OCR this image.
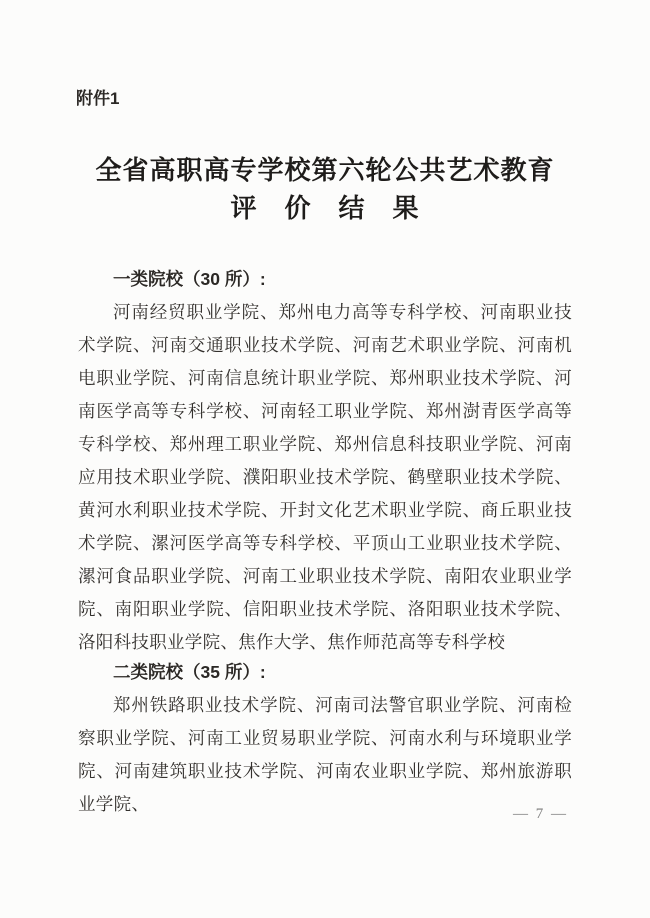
附件1
全省高职高专学校第六轮公共艺术教育
评　价　结　果
一类院校（30 所）:

河南经贸职业学院、郑州电力高等专科学校、河南职业技术学院、河南交通职业技术学院、河南艺术职业学院、河南机电职业学院、河南信息统计职业学院、郑州职业技术学院、河南医学高等专科学校、河南轻工职业学院、郑州澍青医学高等专科学校、郑州理工职业学院、郑州信息科技职业学院、河南应用技术职业学院、濮阳职业技术学院、鹤壁职业技术学院、黄河水利职业技术学院、开封文化艺术职业学院、商丘职业技术学院、漯河医学高等专科学校、平顶山工业职业技术学院、漯河食品职业学院、河南工业职业技术学院、南阳农业职业学院、南阳职业学院、信阳职业技术学院、洛阳职业技术学院、洛阳科技职业学院、焦作大学、焦作师范高等专科学校

二类院校（35 所）:

郑州铁路职业技术学院、河南司法警官职业学院、河南检察职业学院、河南工业贸易职业学院、河南水利与环境职业学院、河南建筑职业技术学院、河南农业职业学院、郑州旅游职业学院、	— 7 —
